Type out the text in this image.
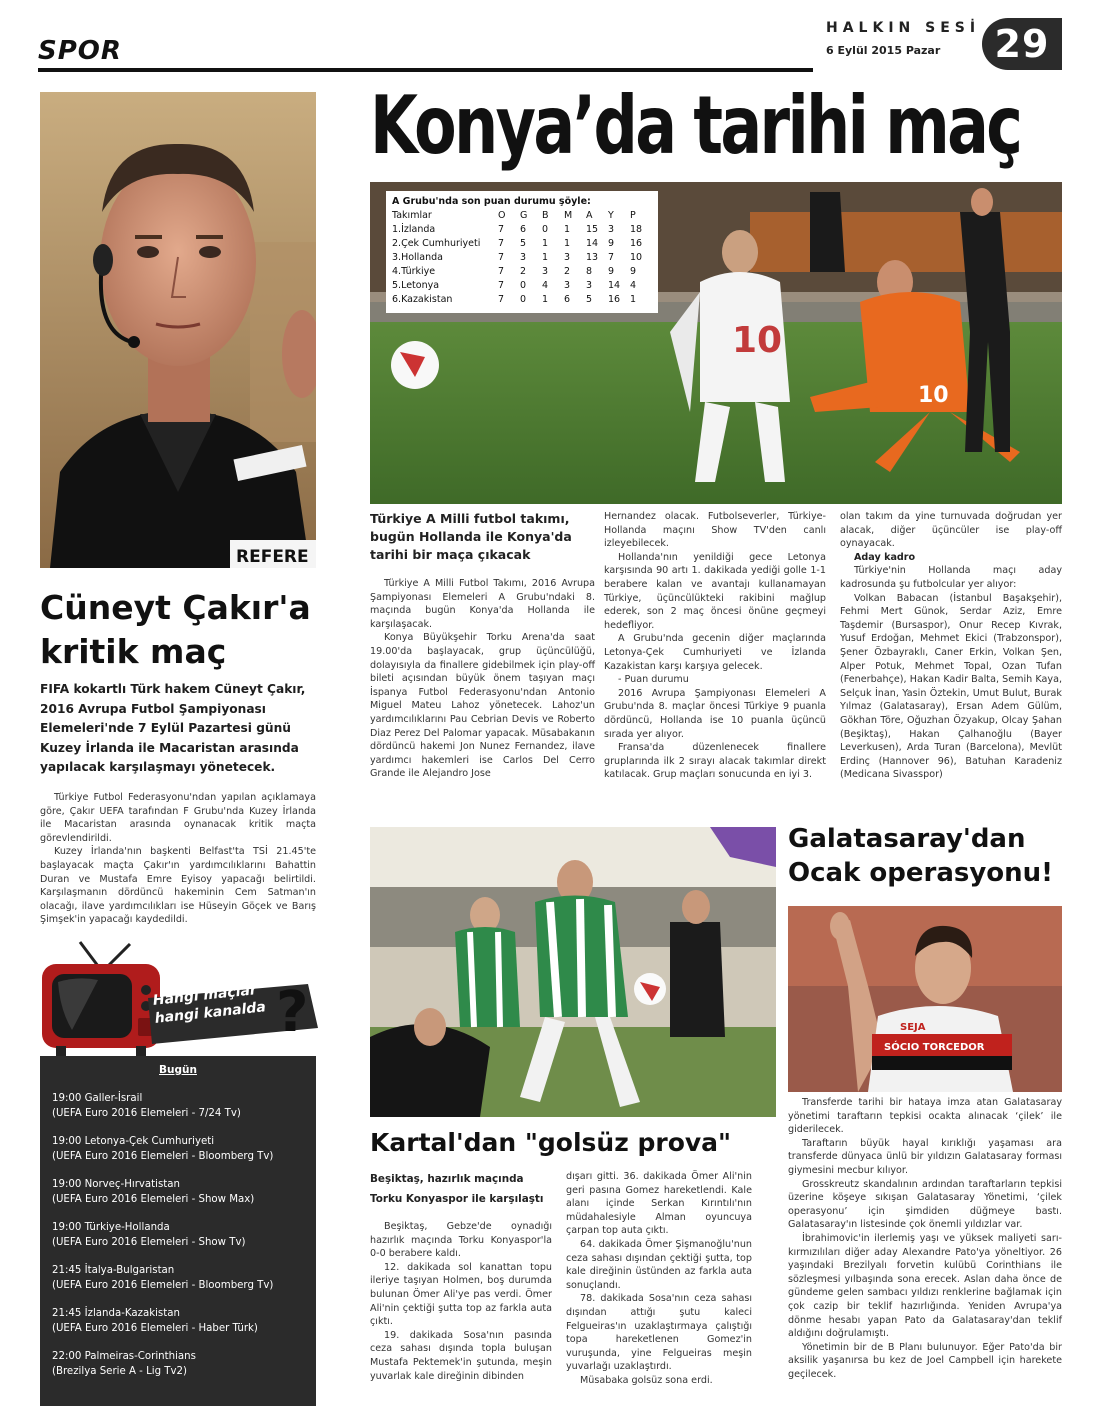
SPOR
HALKIN SESİ
6 Eylül 2015 Pazar	29
REFERE
Cüneyt Çakır'a
kritik maç
FIFA kokartlı Türk hakem Cüneyt Çakır, 2016 Avrupa Futbol Şampiyonası Elemeleri'nde 7 Eylül Pazartesi günü Kuzey İrlanda ile Macaristan arasında yapılacak karşılaşmayı yönetecek.

Türkiye Futbol Federasyonu'ndan yapılan açıklamaya göre, Çakır UEFA tarafından F Grubu'nda Kuzey İrlanda ile Macaristan arasında oynanacak kritik maçta görevlendirildi.

Kuzey İrlanda'nın başkenti Belfast'ta TSİ 21.45'te başlayacak maçta Çakır'ın yardımcılıklarını Bahattin Duran ve Mustafa Emre Eyisoy yapacağı belirtildi. Karşılaşmanın dördüncü hakeminin Cem Satman'ın olacağı, ilave yardımcılıkları ise Hüseyin Göçek ve Barış Şimşek'in yapacağı kaydedildi.

Hangi maçlar hangi kanalda ?
Bugün
19:00 Galler-İsrail
(UEFA Euro 2016 Elemeleri - 7/24 Tv)
19:00 Letonya-Çek Cumhuriyeti
(UEFA Euro 2016 Elemeleri - Bloomberg Tv)
19:00 Norveç-Hırvatistan
(UEFA Euro 2016 Elemeleri - Show Max)
19:00 Türkiye-Hollanda
(UEFA Euro 2016 Elemeleri - Show Tv)
21:45 İtalya-Bulgaristan
(UEFA Euro 2016 Elemeleri - Bloomberg Tv)
21:45 İzlanda-Kazakistan
(UEFA Euro 2016 Elemeleri - Haber Türk)
22:00 Palmeiras-Corinthians
(Brezilya Serie A - Lig Tv2)
Konya’da tarihi maç
10
10
A Grubu'nda son puan durumu şöyle:
Takımlar	O	G	B	M	A	Y	P
1.İzlanda	7	6	0	1	15	3	18
2.Çek Cumhuriyeti	7	5	1	1	14	9	16
3.Hollanda	7	3	1	3	13	7	10
4.Türkiye	7	2	3	2	8	9	9
5.Letonya	7	0	4	3	3	14	4
6.Kazakistan	7	0	1	6	5	16	1
Türkiye A Milli futbol takımı, bugün Hollanda ile Konya'da tarihi bir maça çıkacak

Türkiye A Milli Futbol Takımı, 2016 Avrupa Şampiyonası Elemeleri A Grubu'ndaki 8. maçında bugün Konya'da Hollanda ile karşılaşacak.

Konya Büyükşehir Torku Arena'da saat 19.00'da başlayacak, grup üçüncülüğü, dolayısıyla da finallere gidebilmek için play-off bileti açısından büyük önem taşıyan maçı İspanya Futbol Federasyonu'ndan Antonio Miguel Mateu Lahoz yönetecek. Lahoz'un yardımcılıklarını Pau Cebrian Devis ve Roberto Diaz Perez Del Palomar yapacak. Müsabakanın dördüncü hakemi Jon Nunez Fernandez, ilave yardımcı hakemleri ise Carlos Del Cerro Grande ile Alejandro Jose

Hernandez olacak. Futbolseverler, Türkiye-Hollanda maçını Show TV'den canlı izleyebilecek.

Hollanda'nın yenildiği gece Letonya karşısında 90 artı 1. dakikada yediği golle 1-1 berabere kalan ve avantajı kullanamayan Türkiye, üçüncülükteki rakibini mağlup ederek, son 2 maç öncesi önüne geçmeyi hedefliyor.

A Grubu'nda gecenin diğer maçlarında Letonya-Çek Cumhuriyeti ve İzlanda Kazakistan karşı karşıya gelecek.

- Puan durumu

2016 Avrupa Şampiyonası Elemeleri A Grubu'nda 8. maçlar öncesi Türkiye 9 puanla dördüncü, Hollanda ise 10 puanla üçüncü sırada yer alıyor.

Fransa'da düzenlenecek finallere gruplarında ilk 2 sırayı alacak takımlar direkt katılacak. Grup maçları sonucunda en iyi 3.

olan takım da yine turnuvada doğrudan yer alacak, diğer üçüncüler ise play-off oynayacak.

Aday kadro

Türkiye'nin Hollanda maçı aday kadrosunda şu futbolcular yer alıyor:

Volkan Babacan (İstanbul Başakşehir), Fehmi Mert Günok, Serdar Aziz, Emre Taşdemir (Bursaspor), Onur Recep Kıvrak, Yusuf Erdoğan, Mehmet Ekici (Trabzonspor), Şener Özbayraklı, Caner Erkin, Volkan Şen, Alper Potuk, Mehmet Topal, Ozan Tufan (Fenerbahçe), Hakan Kadir Balta, Semih Kaya, Selçuk İnan, Yasin Öztekin, Umut Bulut, Burak Yılmaz (Galatasaray), Ersan Adem Gülüm, Gökhan Töre, Oğuzhan Özyakup, Olcay Şahan (Beşiktaş), Hakan Çalhanoğlu (Bayer Leverkusen), Arda Turan (Barcelona), Mevlüt Erdinç (Hannover 96), Batuhan Karadeniz (Medicana Sivasspor)

Kartal'dan "golsüz prova"
Beşiktaş, hazırlık maçında
Torku Konyaspor ile karşılaştı

Beşiktaş, Gebze'de oynadığı hazırlık maçında Torku Konyaspor'la 0-0 berabere kaldı.

12. dakikada sol kanattan topu ileriye taşıyan Holmen, boş durumda bulunan Ömer Ali'ye pas verdi. Ömer Ali'nin çektiği şutta top az farkla auta çıktı.

19. dakikada Sosa'nın pasında ceza sahası dışında topla buluşan Mustafa Pektemek'in şutunda, meşin yuvarlak kale direğinin dibinden

dışarı gitti. 36. dakikada Ömer Ali'nin geri pasına Gomez hareketlendi. Kale alanı içinde Serkan Kırıntılı'nın müdahalesiyle Alman oyuncuya çarpan top auta çıktı.

64. dakikada Ömer Şişmanoğlu'nun ceza sahası dışından çektiği şutta, top kale direğinin üstünden az farkla auta sonuçlandı.

78. dakikada Sosa'nın ceza sahası dışından attığı şutu kaleci Felgueiras'ın uzaklaştırmaya çalıştığı topa hareketlenen Gomez'in vuruşunda, yine Felgueiras meşin yuvarlağı uzaklaştırdı.

Müsabaka golsüz sona erdi.

Galatasaray'dan Ocak operasyonu!
SEJA
SÓCIO TORCEDOR

Transferde tarihi bir hataya imza atan Galatasaray yönetimi taraftarın tepkisi ocakta alınacak ‘çilek’ ile giderilecek.

Taraftarın büyük hayal kırıklığı yaşaması ara transferde dünyaca ünlü bir yıldızın Galatasaray forması giymesini mecbur kılıyor.

Grosskreutz skandalının ardından taraftarların tepkisi üzerine köşeye sıkışan Galatasaray Yönetimi, ‘çilek operasyonu’ için şimdiden düğmeye bastı. Galatasaray'ın listesinde çok önemli yıldızlar var.

İbrahimovic'in ilerlemiş yaşı ve yüksek maliyeti sarı-kırmızılıları diğer aday Alexandre Pato'ya yöneltiyor. 26 yaşındaki Brezilyalı forvetin kulübü Corinthians ile sözleşmesi yılbaşında sona erecek. Aslan daha önce de gündeme gelen sambacı yıldızı renklerine bağlamak için çok cazip bir teklif hazırlığında. Yeniden Avrupa'ya dönme hesabı yapan Pato da Galatasaray'dan teklif aldığını doğrulamıştı.

Yönetimin bir de B Planı bulunuyor. Eğer Pato'da bir aksilik yaşanırsa bu kez de Joel Campbell için harekete geçilecek.
